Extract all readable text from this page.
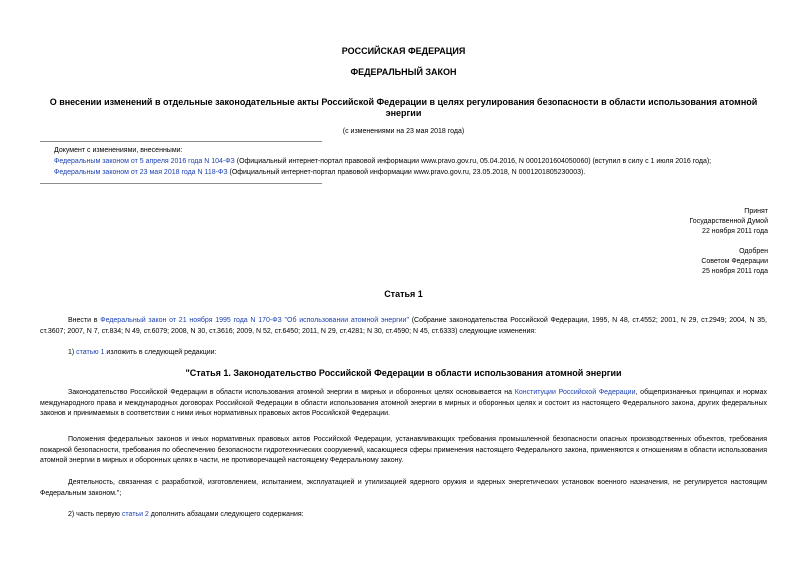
РОССИЙСКАЯ ФЕДЕРАЦИЯ
ФЕДЕРАЛЬНЫЙ ЗАКОН
О внесении изменений в отдельные законодательные акты Российской Федерации в целях регулирования безопасности в области использования атомной энергии
(с изменениями на 23 мая 2018 года)
Документ с изменениями, внесенными:
Федеральным законом от 5 апреля 2016 года N 104-ФЗ (Официальный интернет-портал правовой информации www.pravo.gov.ru, 05.04.2016, N 0001201604050060) (вступил в силу с 1 июля 2016 года);
Федеральным законом от 23 мая 2018 года N 118-ФЗ (Официальный интернет-портал правовой информации www.pravo.gov.ru, 23.05.2018, N 0001201805230003).
Принят
Государственной Думой
22 ноября 2011 года
Одобрен
Советом Федерации
25 ноября 2011 года
Статья 1
Внести в Федеральный закон от 21 ноября 1995 года N 170-ФЗ "Об использовании атомной энергии" (Собрание законодательства Российской Федерации, 1995, N 48, ст.4552; 2001, N 29, ст.2949; 2004, N 35, ст.3607; 2007, N 7, ст.834; N 49, ст.6079; 2008, N 30, ст.3616; 2009, N 52, ст.6450; 2011, N 29, ст.4281; N 30, ст.4590; N 45, ст.6333) следующие изменения:
1) статью 1 изложить в следующей редакции:
"Статья 1. Законодательство Российской Федерации в области использования атомной энергии
Законодательство Российской Федерации в области использования атомной энергии в мирных и оборонных целях основывается на Конституции Российской Федерации, общепризнанных принципах и нормах международного права и международных договорах Российской Федерации в области использования атомной энергии в мирных и оборонных целях и состоит из настоящего Федерального закона, других федеральных законов и принимаемых в соответствии с ними иных нормативных правовых актов Российской Федерации.
Положения федеральных законов и иных нормативных правовых актов Российской Федерации, устанавливающих требования промышленной безопасности опасных производственных объектов, требования пожарной безопасности, требования по обеспечению безопасности гидротехнических сооружений, касающиеся сферы применения настоящего Федерального закона, применяются к отношениям в области использования атомной энергии в мирных и оборонных целях в части, не противоречащей настоящему Федеральному закону.
Деятельность, связанная с разработкой, изготовлением, испытанием, эксплуатацией и утилизацией ядерного оружия и ядерных энергетических установок военного назначения, не регулируется настоящим Федеральным законом.";
2) часть первую статьи 2 дополнить абзацами следующего содержания:
